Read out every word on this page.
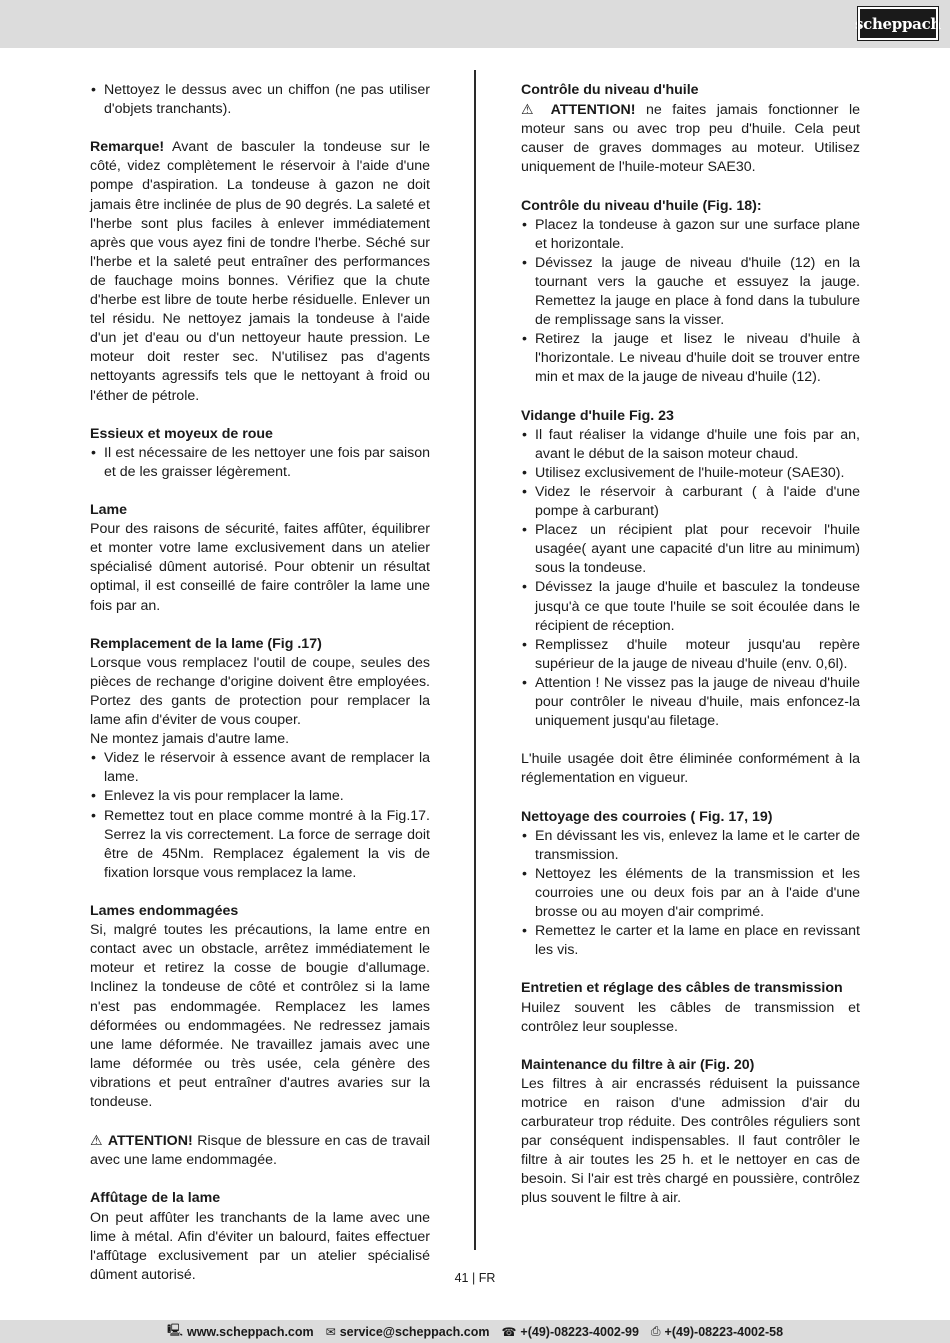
scheppach
• Nettoyez le dessus avec un chiffon (ne pas utiliser d'objets tranchants).

Remarque! Avant de basculer la tondeuse sur le côté, videz complètement le réservoir à l'aide d'une pompe d'aspiration. La tondeuse à gazon ne doit jamais être inclinée de plus de 90 degrés. La saleté et l'herbe sont plus faciles à enlever immédiatement après que vous ayez fini de tondre l'herbe. Séché sur l'herbe et la saleté peut entraîner des performances de fauchage moins bonnes. Vérifiez que la chute d'herbe est libre de toute herbe résiduelle. Enlever un tel résidu. Ne nettoyez jamais la tondeuse à l'aide d'un jet d'eau ou d'un nettoyeur haute pression. Le moteur doit rester sec. N'utilisez pas d'agents nettoyants agressifs tels que le nettoyant à froid ou l'éther de pétrole.

Essieux et moyeux de roue
• Il est nécessaire de les nettoyer une fois par saison et de les graisser légèrement.
Lame

Pour des raisons de sécurité, faites affûter, équilibrer et monter votre lame exclusivement dans un atelier spécialisé dûment autorisé. Pour obtenir un résultat optimal, il est conseillé de faire contrôler la lame une fois par an.

Remplacement de la lame (Fig .17)

Lorsque vous remplacez l'outil de coupe, seules des pièces de rechange d'origine doivent être employées. Portez des gants de protection pour remplacer la lame afin d'éviter de vous couper.

Ne montez jamais d'autre lame.

• Videz le réservoir à essence avant de remplacer la lame.
• Enlevez la vis pour remplacer la lame.
• Remettez tout en place comme montré à la Fig.17. Serrez la vis correctement. La force de serrage doit être de 45Nm. Remplacez également la vis de fixation lorsque vous remplacez la lame.
Lames endommagées

Si, malgré toutes les précautions, la lame entre en contact avec un obstacle, arrêtez immédiatement le moteur et retirez la cosse de bougie d'allumage. Inclinez la tondeuse de côté et contrôlez si la lame n'est pas endommagée. Remplacez les lames déformées ou endommagées. Ne redressez jamais une lame déformée. Ne travaillez jamais avec une lame déformée ou très usée, cela génère des vibrations et peut entraîner d'autres avaries sur la tondeuse.

⚠ ATTENTION! Risque de blessure en cas de travail avec une lame endommagée.

Affûtage de la lame

On peut affûter les tranchants de la lame avec une lime à métal. Afin d'éviter un balourd, faites effectuer l'affûtage exclusivement par un atelier spécialisé dûment autorisé.

Contrôle du niveau d'huile

⚠ ATTENTION! ne faites jamais fonctionner le moteur sans ou avec trop peu d'huile. Cela peut causer de graves dommages au moteur. Utilisez uniquement de l'huile-moteur SAE30.

Contrôle du niveau d'huile (Fig. 18):
• Placez la tondeuse à gazon sur une surface plane et horizontale.
• Dévissez la jauge de niveau d'huile (12) en la tournant vers la gauche et essuyez la jauge. Remettez la jauge en place à fond dans la tubulure de remplissage sans la visser.
• Retirez la jauge et lisez le niveau d'huile à l'horizontale. Le niveau d'huile doit se trouver entre min et max de la jauge de niveau d'huile (12).
Vidange d'huile Fig. 23
• Il faut réaliser la vidange d'huile une fois par an, avant le début de la saison moteur chaud.
• Utilisez exclusivement de l'huile-moteur (SAE30).
• Videz le réservoir à carburant ( à l'aide d'une pompe à carburant)
• Placez un récipient plat pour recevoir l'huile usagée( ayant une capacité d'un litre au minimum) sous la tondeuse.
• Dévissez la jauge d'huile et basculez la tondeuse jusqu'à ce que toute l'huile se soit écoulée dans le récipient de réception.
• Remplissez d'huile moteur jusqu'au repère supérieur de la jauge de niveau d'huile (env. 0,6l).
• Attention ! Ne vissez pas la jauge de niveau d'huile pour contrôler le niveau d'huile, mais enfoncez-la uniquement jusqu'au filetage.

L'huile usagée doit être éliminée conformément à la réglementation en vigueur.

Nettoyage des courroies ( Fig. 17, 19)
• En dévissant les vis, enlevez la lame et le carter de transmission.
• Nettoyez les éléments de la transmission et les courroies une ou deux fois par an à l'aide d'une brosse ou au moyen d'air comprimé.
• Remettez le carter et la lame en place en revissant les vis.
Entretien et réglage des câbles de transmission

Huilez souvent les câbles de transmission et contrôlez leur souplesse.

Maintenance du filtre à air (Fig. 20)

Les filtres à air encrassés réduisent la puissance motrice en raison d'une admission d'air du carburateur trop réduite. Des contrôles réguliers sont par conséquent indispensables. Il faut contrôler le filtre à air toutes les 25 h. et le nettoyer en cas de besoin. Si l'air est très chargé en poussière, contrôlez plus souvent le filtre à air.

41 | FR
🖳 www.scheppach.com ✉ service@scheppach.com ☎ +(49)-08223-4002-99 ⎙ +(49)-08223-4002-58
